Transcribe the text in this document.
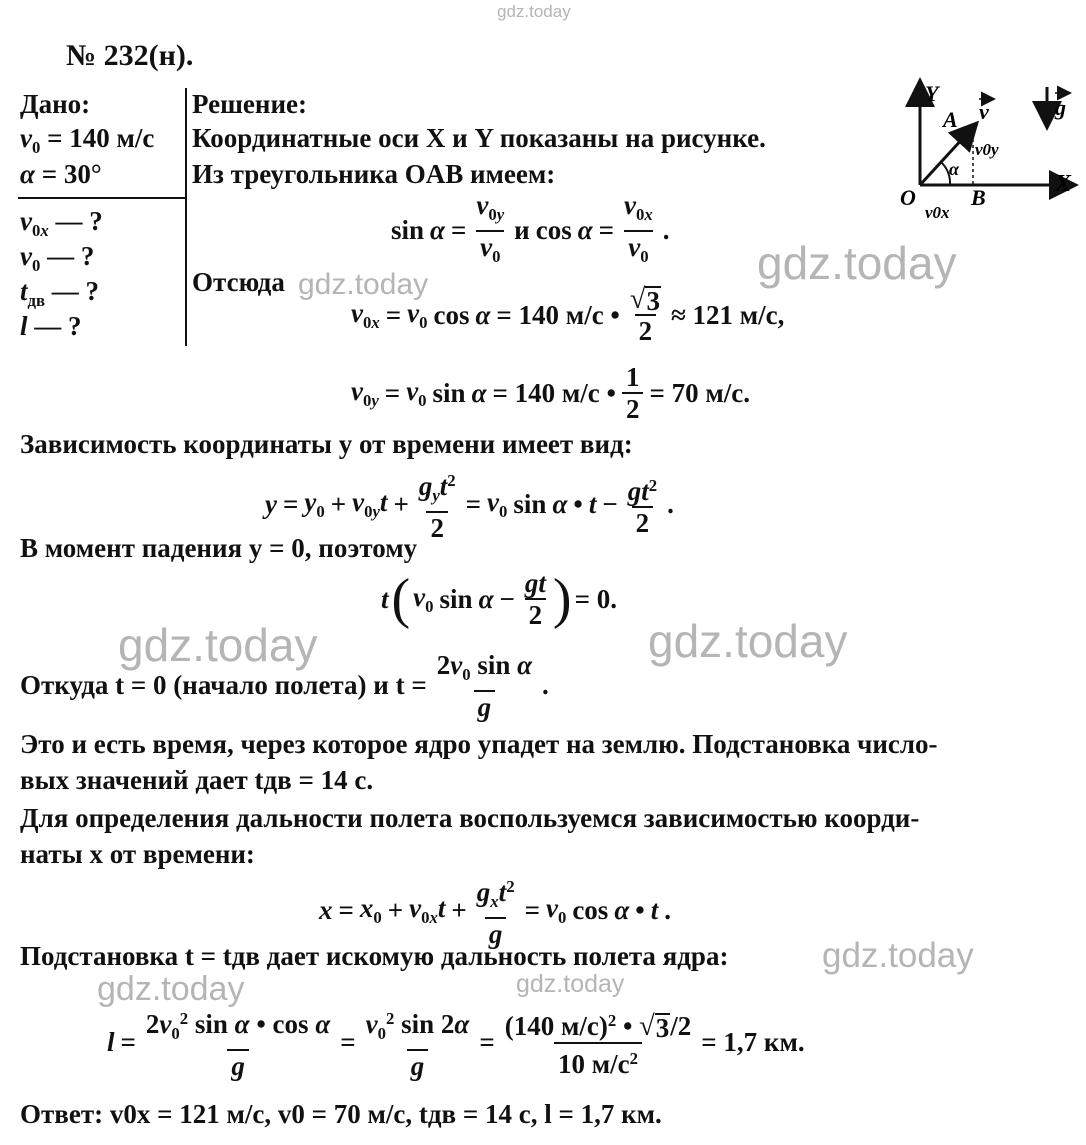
gdz.today
gdz.today
gdz.today
gdz.today	gdz.today
gdz.today
gdz.today	gdz.today
№ 232(н).
Дано:
$v_0 = 140$ м/с
α = 30°
$v_{0x}$ — ?
$v_0$ — ?
$t_{дв}$ — ?
l — ?
Решение:
Координатные оси X и Y показаны на рисунке.
Из треугольника OAB имеем:
Y
X
O
A
B
v	g
α
v0y
v0x
$\sin \alpha = \frac{v_{0y}}{v_0}$ и $\cos \alpha = \frac{v_{0x}}{v_0}$ .
Отсюда
$v_{0x} = v_0$ cos α = 140 м/с • $\frac{√ 3}{2} \approx 121$ м/с,
$v_{0y} = v_0$ sin α = 140 м/с • $\frac{1}{2} = 70$ м/с.
Зависимость координаты y от времени имеет вид:
$y = y_0 + v_{0y}t + \frac{g_yt^2}{2} = v_0$ sin α • $t - \frac{gt^2}{2}$ .
В момент падения y = 0, поэтому
t ( $v_0$ $\sin \alpha - \frac{gt}{2}$ ) = 0.
Откуда t = 0 (начало полета) и $t = \frac{2v_0 \sin \alpha}{g}$ .
Это и есть время, через которое ядро упадет на землю. Подстановка число-
вых значений дает tдв = 14 с.
Для определения дальности полета воспользуемся зависимостью коорди-
наты x от времени:
$x = x_0 + v_{0x}t + \frac{g_xt^2}{g} = v_0$ cos α • t .
Подстановка t = tдв дает искомую дальность полета ядра:
$l = \frac{2v_0^2 \sin \alpha • \cos \alpha}{g} = \frac{v_0^2 \sin 2\alpha}{g} = \frac{(140 м/с)^2 • √ 3 /2}{10 м/с^2} = 1,7$ км.
Ответ: v0x = 121 м/с, v0 = 70 м/с, tдв = 14 с, l = 1,7 км.
